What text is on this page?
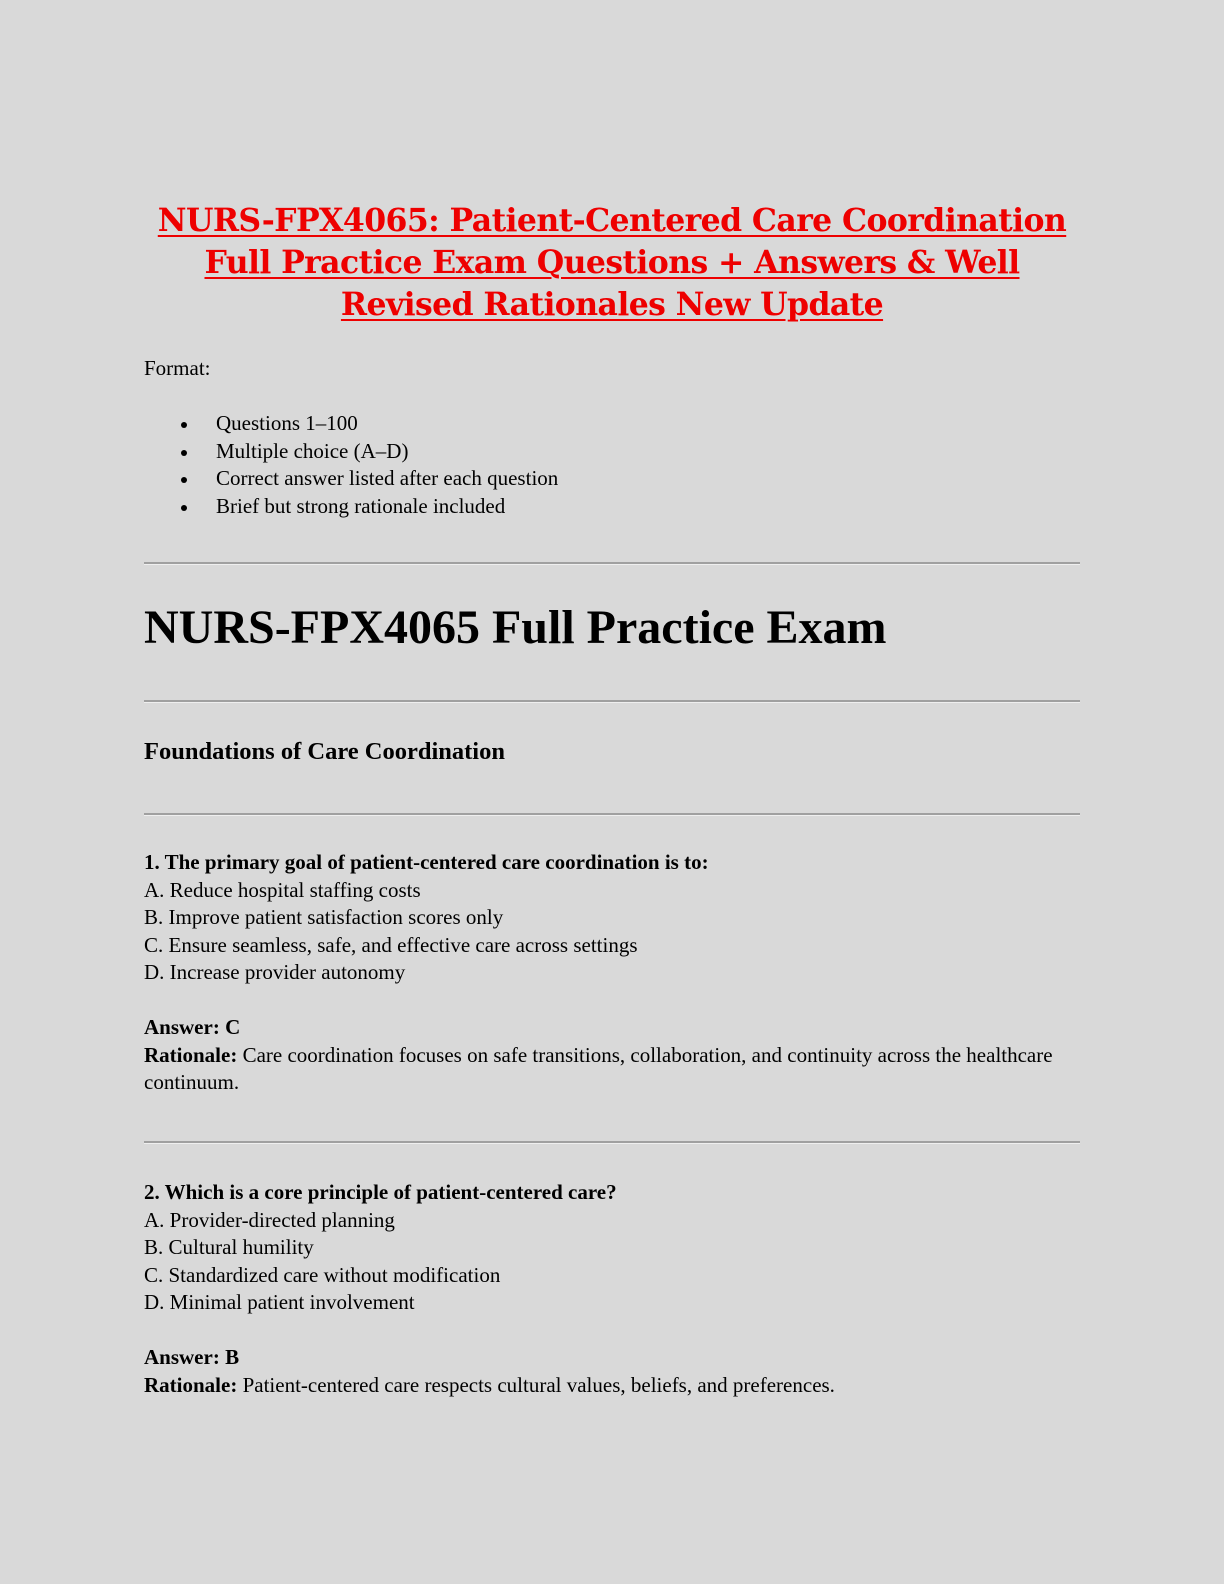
NURS-FPX4065: Patient-Centered Care Coordination Full Practice Exam Questions + Answers & Well Revised Rationales New Update
Format:
Questions 1–100
Multiple choice (A–D)
Correct answer listed after each question
Brief but strong rationale included
NURS-FPX4065 Full Practice Exam
Foundations of Care Coordination
1. The primary goal of patient-centered care coordination is to:
A. Reduce hospital staffing costs
B. Improve patient satisfaction scores only
C. Ensure seamless, safe, and effective care across settings
D. Increase provider autonomy
Answer: C
Rationale: Care coordination focuses on safe transitions, collaboration, and continuity across the healthcare continuum.
2. Which is a core principle of patient-centered care?
A. Provider-directed planning
B. Cultural humility
C. Standardized care without modification
D. Minimal patient involvement
Answer: B
Rationale: Patient-centered care respects cultural values, beliefs, and preferences.
